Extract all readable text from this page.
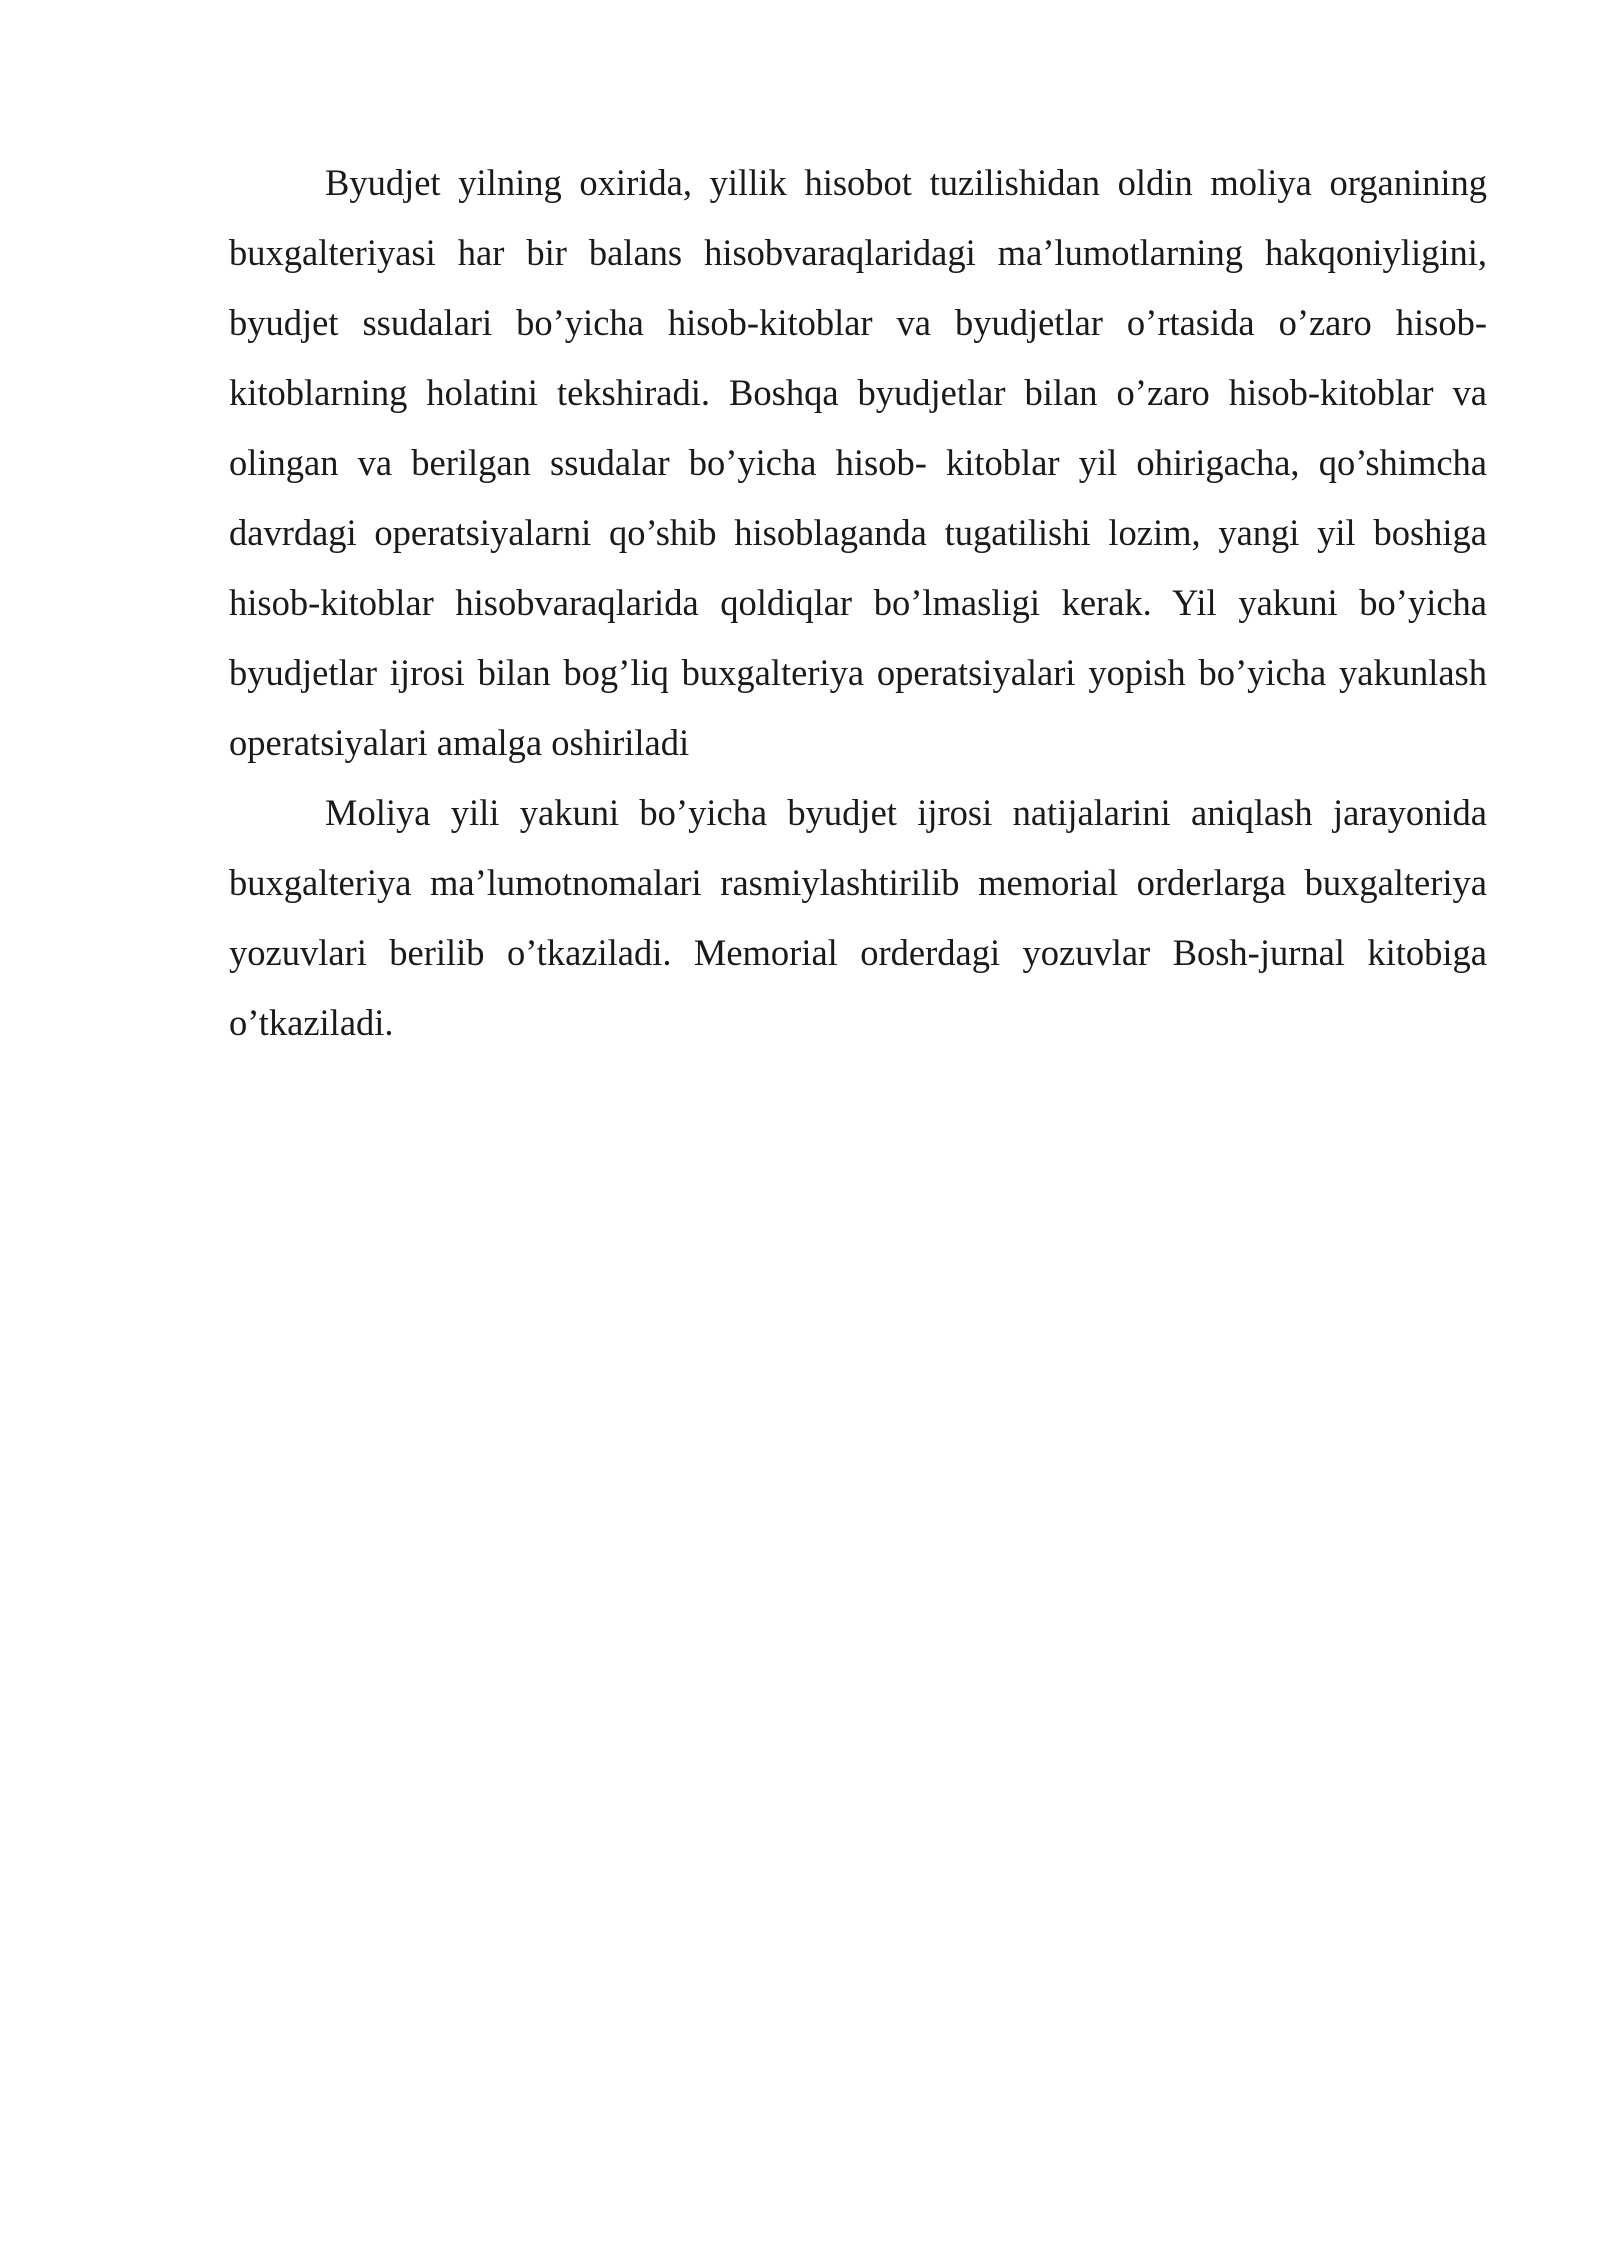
Byudjet yilning oxirida, yillik hisobot tuzilishidan oldin moliya organining
buxgalteriyasi har bir balans hisobvaraqlaridagi ma’lumotlarning hakqoniyligini,
byudjet ssudalari bo’yicha hisob-kitoblar va byudjetlar o’rtasida o’zaro hisob-
kitoblarning holatini tekshiradi. Boshqa byudjetlar bilan o’zaro hisob-kitoblar va
olingan va berilgan ssudalar bo’yicha hisob- kitoblar yil ohirigacha, qo’shimcha
davrdagi operatsiyalarni qo’shib hisoblaganda tugatilishi lozim, yangi yil boshiga
hisob-kitoblar hisobvaraqlarida qoldiqlar bo’lmasligi kerak. Yil yakuni bo’yicha
byudjetlar ijrosi bilan bog’liq buxgalteriya operatsiyalari yopish bo’yicha yakunlash
operatsiyalari amalga oshiriladi
Moliya yili yakuni bo’yicha byudjet ijrosi natijalarini aniqlash jarayonida
buxgalteriya ma’lumotnomalari rasmiylashtirilib memorial orderlarga buxgalteriya
yozuvlari berilib o’tkaziladi. Memorial orderdagi yozuvlar Bosh-jurnal kitobiga
o’tkaziladi.
